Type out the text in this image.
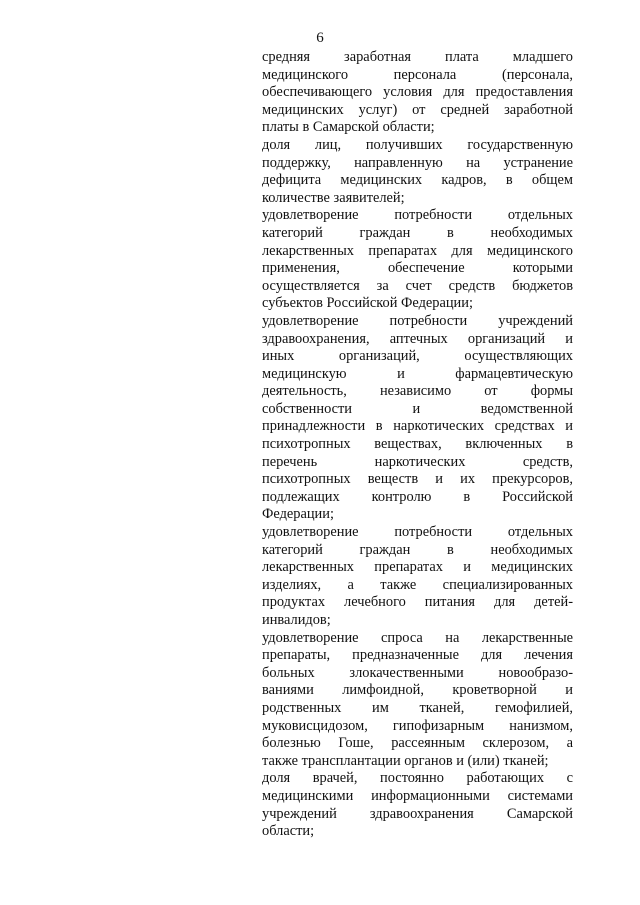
6
средняя заработная плата младшего
медицинского персонала (персонала,
обеспечивающего условия для предоставления
медицинских услуг) от средней заработной
платы в Самарской области;
доля лиц, получивших государственную
поддержку, направленную на устранение
дефицита медицинских кадров, в общем
количестве заявителей;
удовлетворение потребности отдельных
категорий граждан в необходимых
лекарственных препаратах для медицинского
применения, обеспечение которыми
осуществляется за счет средств бюджетов
субъектов Российской Федерации;
удовлетворение потребности учреждений
здравоохранения, аптечных организаций и
иных организаций, осуществляющих
медицинскую и фармацевтическую
деятельность, независимо от формы
собственности и ведомственной
принадлежности в наркотических средствах и
психотропных веществах, включенных в
перечень наркотических средств,
психотропных веществ и их прекурсоров,
подлежащих контролю в Российской
Федерации;
удовлетворение потребности отдельных
категорий граждан в необходимых
лекарственных препаратах и медицинских
изделиях, а также специализированных
продуктах лечебного питания для детей-
инвалидов;
удовлетворение спроса на лекарственные
препараты, предназначенные для лечения
больных злокачественными новообразо-
ваниями лимфоидной, кроветворной и
родственных им тканей, гемофилией,
муковисцидозом, гипофизарным нанизмом,
болезнью Гоше, рассеянным склерозом, а
также трансплантации органов и (или) тканей;
доля врачей, постоянно работающих с
медицинскими информационными системами
учреждений здравоохранения Самарской
области;
